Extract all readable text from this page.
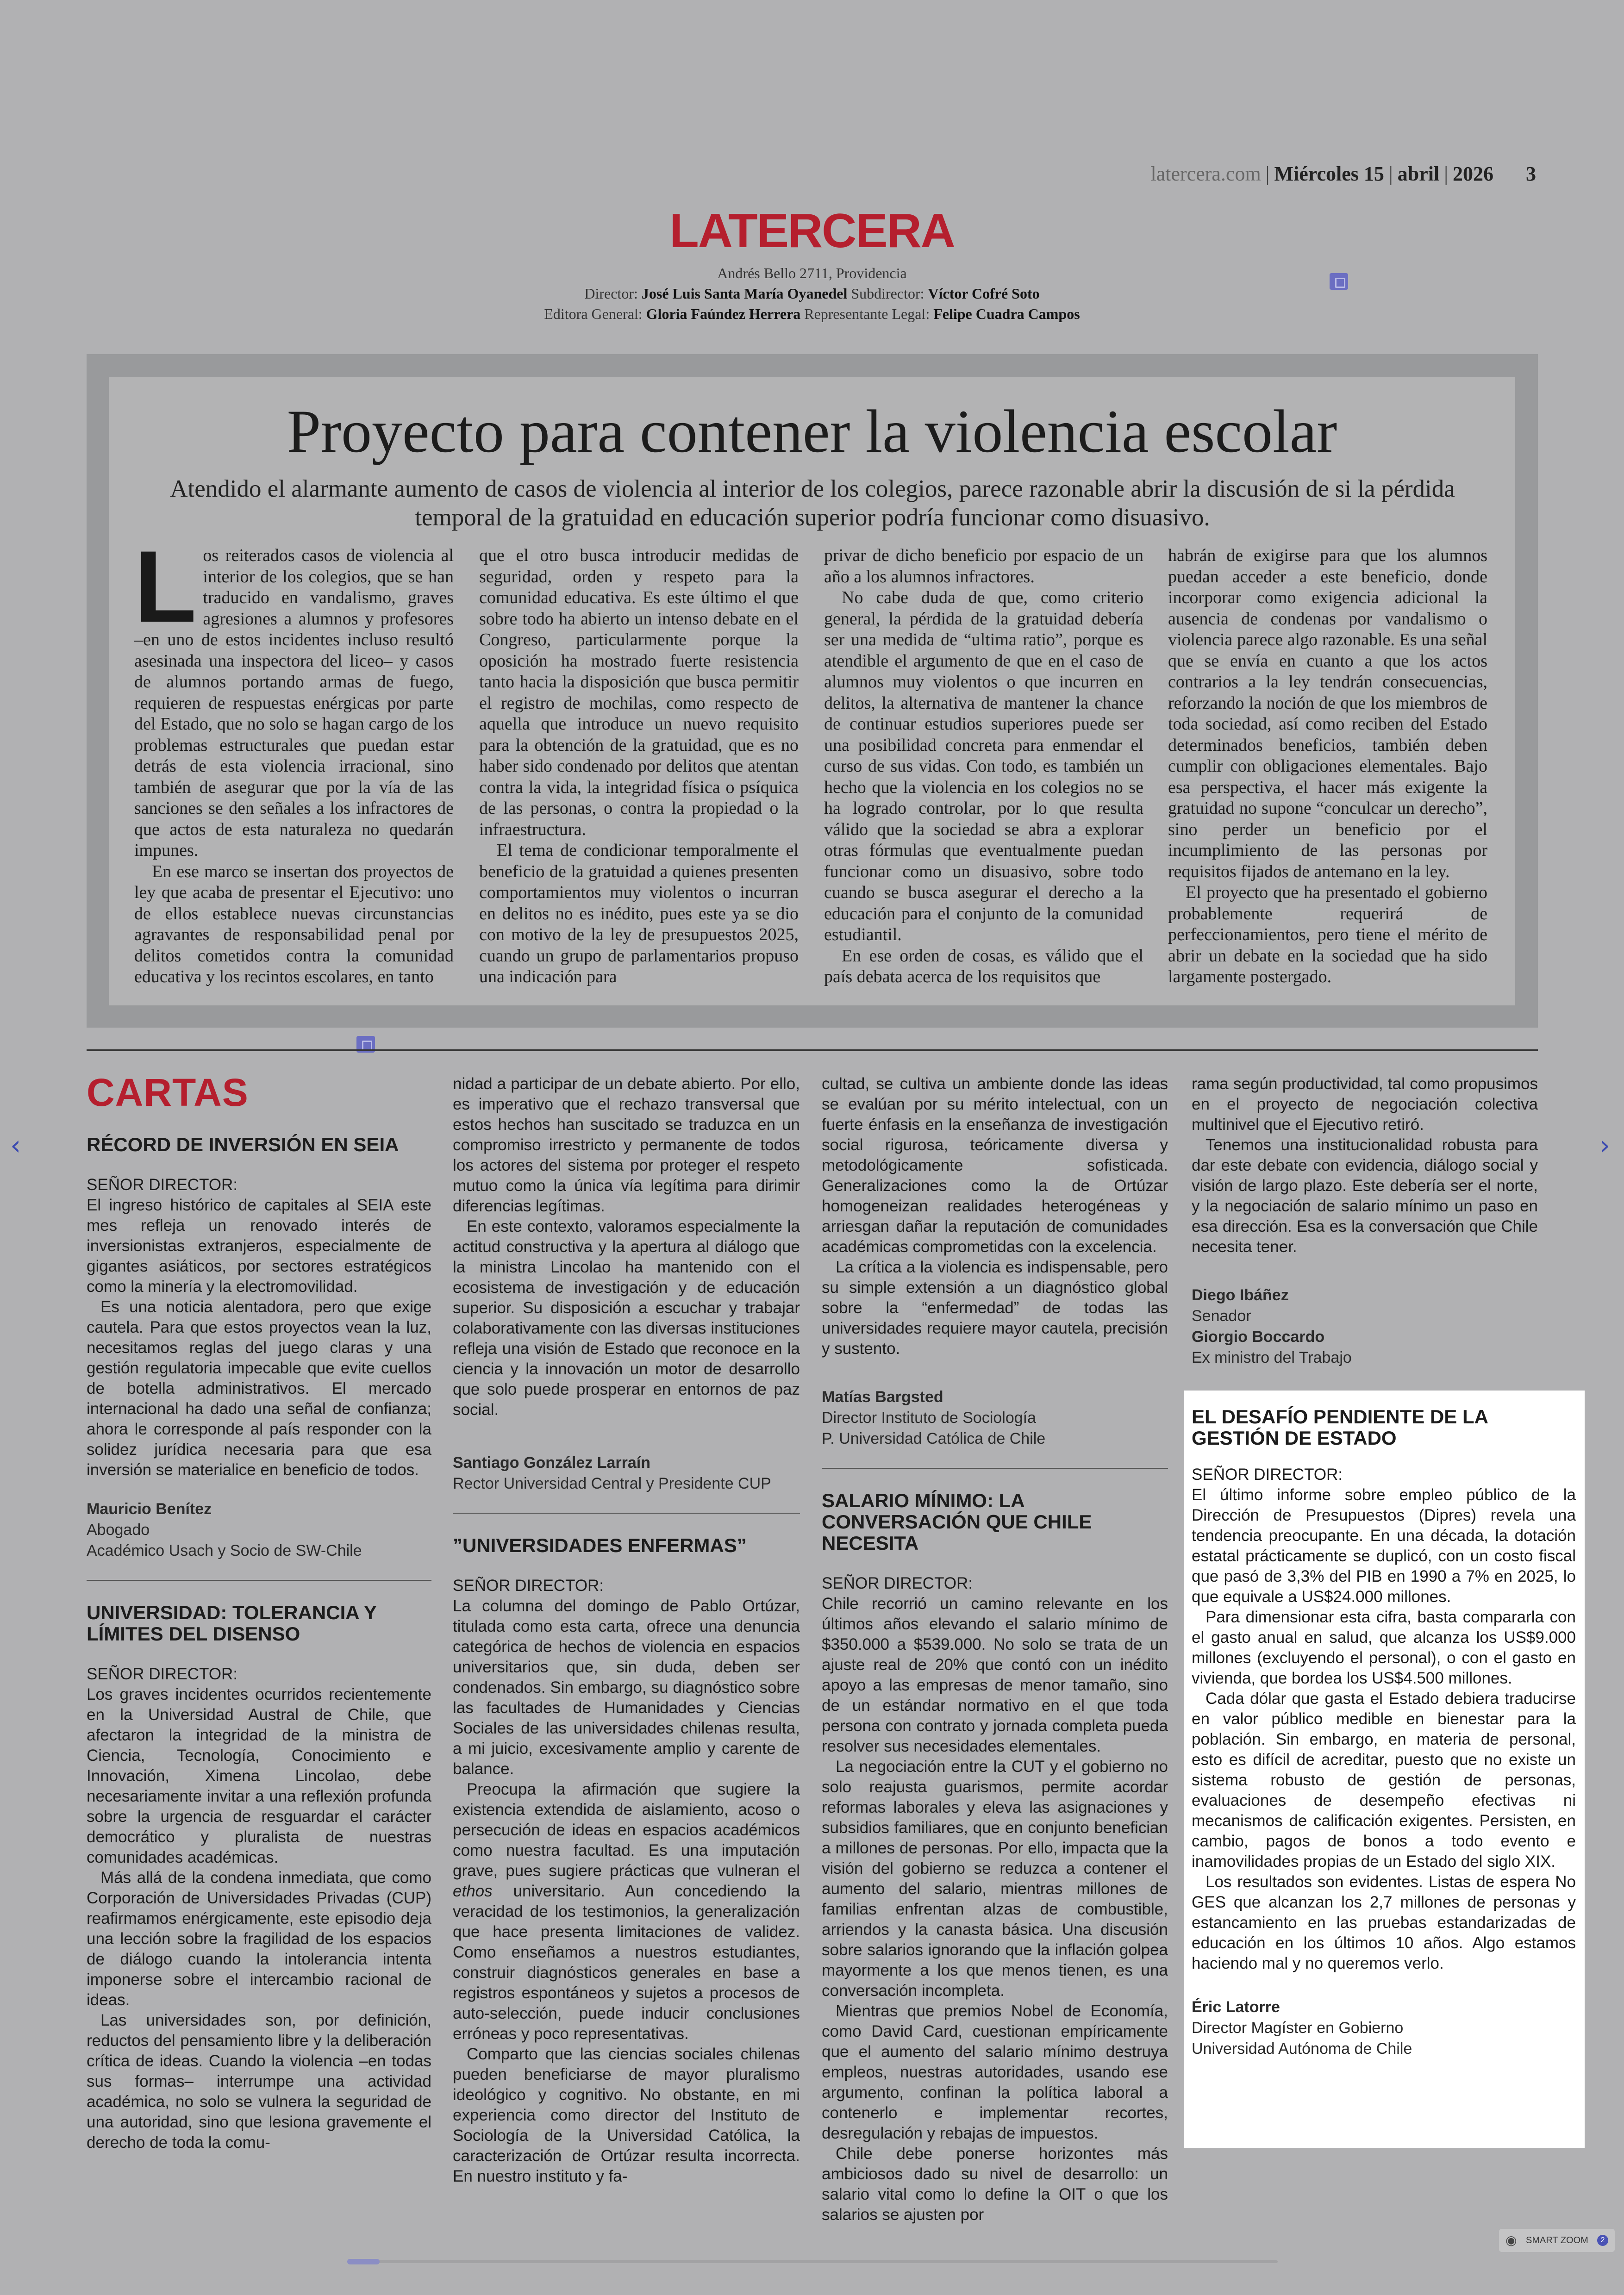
latercera.com | Miércoles 15 | abril | 2026 3
LATERCERA
Andrés Bello 2711, Providencia
Director: José Luis Santa María Oyanedel Subdirector: Víctor Cofré Soto
Editora General: Gloria Faúndez Herrera Representante Legal: Felipe Cuadra Campos
Proyecto para contener la violencia escolar
Atendido el alarmante aumento de casos de violencia al interior de los colegios, parece razonable abrir la discusión de si la pérdida temporal de la gratuidad en educación superior podría funcionar como disuasivo.

Los reiterados casos de violencia al interior de los colegios, que se han traducido en vandalismo, graves agresiones a alumnos y profesores –en uno de estos incidentes incluso resultó asesinada una inspectora del liceo– y casos de alumnos portando armas de fuego, requieren de respuestas enérgicas por parte del Estado, que no solo se hagan cargo de los problemas estructurales que puedan estar detrás de esta violencia irracional, sino también de asegurar que por la vía de las sanciones se den señales a los infractores de que actos de esta naturaleza no quedarán impunes.

En ese marco se insertan dos proyectos de ley que acaba de presentar el Ejecutivo: uno de ellos establece nuevas circunstancias agravantes de responsabilidad penal por delitos cometidos contra la comunidad educativa y los recintos escolares, en tanto

que el otro busca introducir medidas de seguridad, orden y respeto para la comunidad educativa. Es este último el que sobre todo ha abierto un intenso debate en el Congreso, particularmente porque la oposición ha mostrado fuerte resistencia tanto hacia la disposición que busca permitir el registro de mochilas, como respecto de aquella que introduce un nuevo requisito para la obtención de la gratuidad, que es no haber sido condenado por delitos que atentan contra la vida, la integridad física o psíquica de las personas, o contra la propiedad o la infraestructura.

El tema de condicionar temporalmente el beneficio de la gratuidad a quienes presenten comportamientos muy violentos o incurran en delitos no es inédito, pues este ya se dio con motivo de la ley de presupuestos 2025, cuando un grupo de parlamentarios propuso una indicación para

privar de dicho beneficio por espacio de un año a los alumnos infractores.

No cabe duda de que, como criterio general, la pérdida de la gratuidad debería ser una medida de “ultima ratio”, porque es atendible el argumento de que en el caso de alumnos muy violentos o que incurren en delitos, la alternativa de mantener la chance de continuar estudios superiores puede ser una posibilidad concreta para enmendar el curso de sus vidas. Con todo, es también un hecho que la violencia en los colegios no se ha logrado controlar, por lo que resulta válido que la sociedad se abra a explorar otras fórmulas que eventualmente puedan funcionar como un disuasivo, sobre todo cuando se busca asegurar el derecho a la educación para el conjunto de la comunidad estudiantil.

En ese orden de cosas, es válido que el país debata acerca de los requisitos que

habrán de exigirse para que los alumnos puedan acceder a este beneficio, donde incorporar como exigencia adicional la ausencia de condenas por vandalismo o violencia parece algo razonable. Es una señal que se envía en cuanto a que los actos contrarios a la ley tendrán consecuencias, reforzando la noción de que los miembros de toda sociedad, así como reciben del Estado determinados beneficios, también deben cumplir con obligaciones elementales. Bajo esa perspectiva, el hacer más exigente la gratuidad no supone “conculcar un derecho”, sino perder un beneficio por el incumplimiento de las personas por requisitos fijados de antemano en la ley.

El proyecto que ha presentado el gobierno probablemente requerirá de perfeccionamientos, pero tiene el mérito de abrir un debate en la sociedad que ha sido largamente postergado.

CARTAS
RÉCORD DE INVERSIÓN EN SEIA

SEÑOR DIRECTOR:

El ingreso histórico de capitales al SEIA este mes refleja un renovado interés de inversionistas extranjeros, especialmente de gigantes asiáticos, por sectores estratégicos como la minería y la electromovilidad.

Es una noticia alentadora, pero que exige cautela. Para que estos proyectos vean la luz, necesitamos reglas del juego claras y una gestión regulatoria impecable que evite cuellos de botella administrativos. El mercado internacional ha dado una señal de confianza; ahora le corresponde al país responder con la solidez jurídica necesaria para que esa inversión se materialice en beneficio de todos.

Mauricio Benítez
Abogado
Académico Usach y Socio de SW-Chile
UNIVERSIDAD: TOLERANCIA Y LÍMITES DEL DISENSO

SEÑOR DIRECTOR:

Los graves incidentes ocurridos recientemente en la Universidad Austral de Chile, que afectaron la integridad de la ministra de Ciencia, Tecnología, Conocimiento e Innovación, Ximena Lincolao, debe necesariamente invitar a una reflexión profunda sobre la urgencia de resguardar el carácter democrático y pluralista de nuestras comunidades académicas.

Más allá de la condena inmediata, que como Corporación de Universidades Privadas (CUP) reafirmamos enérgicamente, este episodio deja una lección sobre la fragilidad de los espacios de diálogo cuando la intolerancia intenta imponerse sobre el intercambio racional de ideas.

Las universidades son, por definición, reductos del pensamiento libre y la deliberación crítica de ideas. Cuando la violencia –en todas sus formas– interrumpe una actividad académica, no solo se vulnera la seguridad de una autoridad, sino que lesiona gravemente el derecho de toda la comu-

nidad a participar de un debate abierto. Por ello, es imperativo que el rechazo transversal que estos hechos han suscitado se traduzca en un compromiso irrestricto y permanente de todos los actores del sistema por proteger el respeto mutuo como la única vía legítima para dirimir diferencias legítimas.

En este contexto, valoramos especialmente la actitud constructiva y la apertura al diálogo que la ministra Lincolao ha mantenido con el ecosistema de investigación y de educación superior. Su disposición a escuchar y trabajar colaborativamente con las diversas instituciones refleja una visión de Estado que reconoce en la ciencia y la innovación un motor de desarrollo que solo puede prosperar en entornos de paz social.

Santiago González Larraín
Rector Universidad Central y Presidente CUP
”UNIVERSIDADES ENFERMAS”

SEÑOR DIRECTOR:

La columna del domingo de Pablo Ortúzar, titulada como esta carta, ofrece una denuncia categórica de hechos de violencia en espacios universitarios que, sin duda, deben ser condenados. Sin embargo, su diagnóstico sobre las facultades de Humanidades y Ciencias Sociales de las universidades chilenas resulta, a mi juicio, excesivamente amplio y carente de balance.

Preocupa la afirmación que sugiere la existencia extendida de aislamiento, acoso o persecución de ideas en espacios académicos como nuestra facultad. Es una imputación grave, pues sugiere prácticas que vulneran el ethos universitario. Aun concediendo la veracidad de los testimonios, la generalización que hace presenta limitaciones de validez. Como enseñamos a nuestros estudiantes, construir diagnósticos generales en base a registros espontáneos y sujetos a procesos de auto-selección, puede inducir conclusiones erróneas y poco representativas.

Comparto que las ciencias sociales chilenas pueden beneficiarse de mayor pluralismo ideológico y cognitivo. No obstante, en mi experiencia como director del Instituto de Sociología de la Universidad Católica, la caracterización de Ortúzar resulta incorrecta. En nuestro instituto y fa-

cultad, se cultiva un ambiente donde las ideas se evalúan por su mérito intelectual, con un fuerte énfasis en la enseñanza de investigación social rigurosa, teóricamente diversa y metodológicamente sofisticada. Generalizaciones como la de Ortúzar homogeneizan realidades heterogéneas y arriesgan dañar la reputación de comunidades académicas comprometidas con la excelencia.

La crítica a la violencia es indispensable, pero su simple extensión a un diagnóstico global sobre la “enfermedad” de todas las universidades requiere mayor cautela, precisión y sustento.

Matías Bargsted
Director Instituto de Sociología
P. Universidad Católica de Chile
SALARIO MÍNIMO: LA CONVERSACIÓN QUE CHILE NECESITA

SEÑOR DIRECTOR:

Chile recorrió un camino relevante en los últimos años elevando el salario mínimo de $350.000 a $539.000. No solo se trata de un ajuste real de 20% que contó con un inédito apoyo a las empresas de menor tamaño, sino de un estándar normativo en el que toda persona con contrato y jornada completa pueda resolver sus necesidades elementales.

La negociación entre la CUT y el gobierno no solo reajusta guarismos, permite acordar reformas laborales y eleva las asignaciones y subsidios familiares, que en conjunto benefician a millones de personas. Por ello, impacta que la visión del gobierno se reduzca a contener el aumento del salario, mientras millones de familias enfrentan alzas de combustible, arriendos y la canasta básica. Una discusión sobre salarios ignorando que la inflación golpea mayormente a los que menos tienen, es una conversación incompleta.

Mientras que premios Nobel de Economía, como David Card, cuestionan empíricamente que el aumento del salario mínimo destruya empleos, nuestras autoridades, usando ese argumento, confinan la política laboral a contenerlo e implementar recortes, desregulación y rebajas de impuestos.

Chile debe ponerse horizontes más ambiciosos dado su nivel de desarrollo: un salario vital como lo define la OIT o que los salarios se ajusten por

rama según productividad, tal como propusimos en el proyecto de negociación colectiva multinivel que el Ejecutivo retiró.

Tenemos una institucionalidad robusta para dar este debate con evidencia, diálogo social y visión de largo plazo. Este debería ser el norte, y la negociación de salario mínimo un paso en esa dirección. Esa es la conversación que Chile necesita tener.

Diego Ibáñez
Senador
Giorgio Boccardo
Ex ministro del Trabajo
EL DESAFÍO PENDIENTE DE LA GESTIÓN DE ESTADO

SEÑOR DIRECTOR:

El último informe sobre empleo público de la Dirección de Presupuestos (Dipres) revela una tendencia preocupante. En una década, la dotación estatal prácticamente se duplicó, con un costo fiscal que pasó de 3,3% del PIB en 1990 a 7% en 2025, lo que equivale a US$24.000 millones.

Para dimensionar esta cifra, basta compararla con el gasto anual en salud, que alcanza los US$9.000 millones (excluyendo el personal), o con el gasto en vivienda, que bordea los US$4.500 millones.

Cada dólar que gasta el Estado debiera traducirse en valor público medible en bienestar para la población. Sin embargo, en materia de personal, esto es difícil de acreditar, puesto que no existe un sistema robusto de gestión de personas, evaluaciones de desempeño efectivas ni mecanismos de calificación exigentes. Persisten, en cambio, pagos de bonos a todo evento e inamovilidades propias de un Estado del siglo XIX.

Los resultados son evidentes. Listas de espera No GES que alcanzan los 2,7 millones de personas y estancamiento en las pruebas estandarizadas de educación en los últimos 10 años. Algo estamos haciendo mal y no queremos verlo.

Éric Latorre
Director Magíster en Gobierno
Universidad Autónoma de Chile
‹	›
◉ SMART ZOOM	2
